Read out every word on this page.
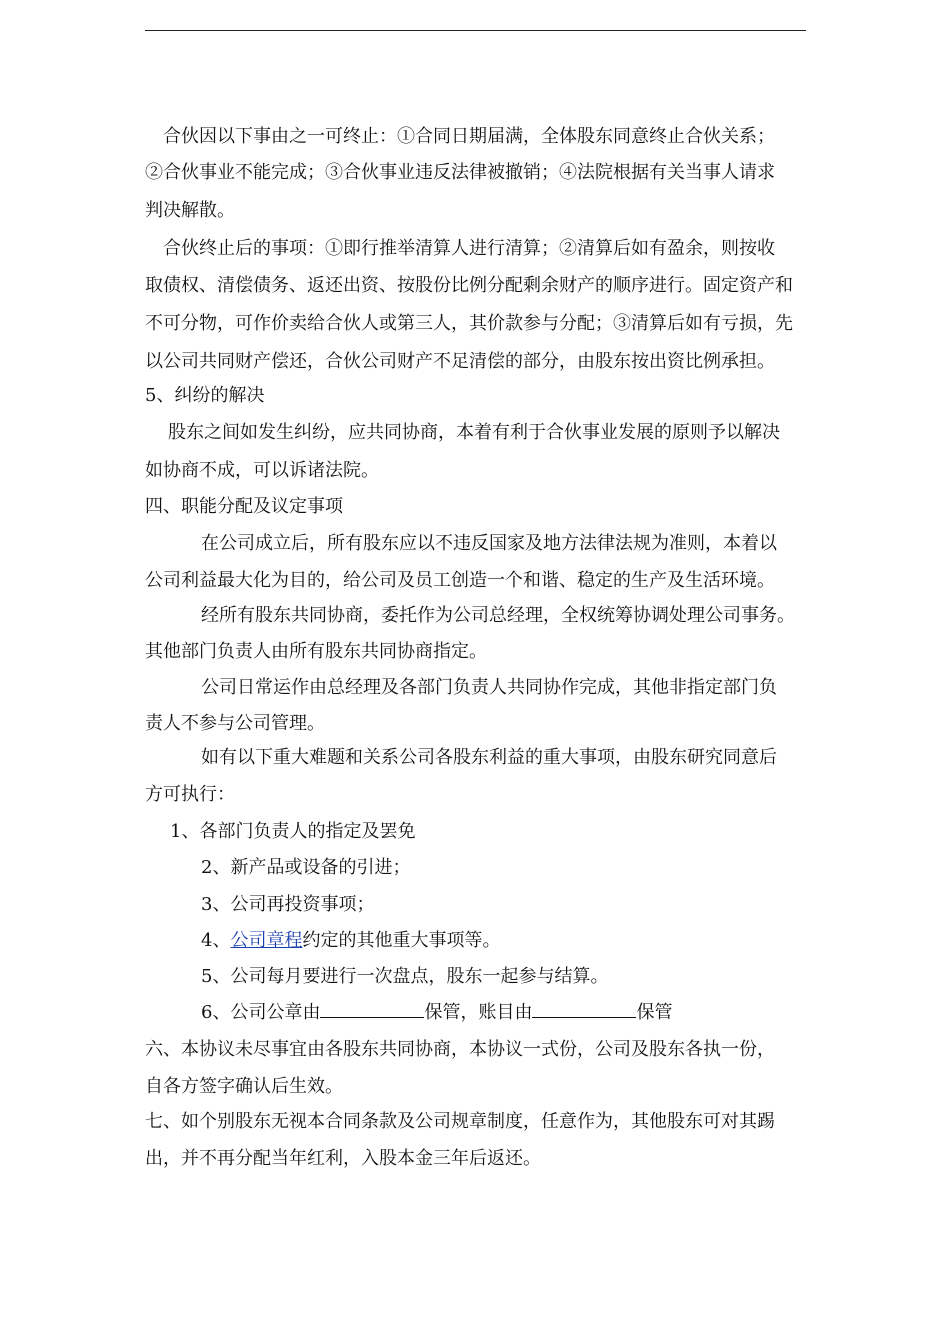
合伙因以下事由之一可终止：①合同日期届满，全体股东同意终止合伙关系；
②合伙事业不能完成；③合伙事业违反法律被撤销；④法院根据有关当事人请求
判决解散。
合伙终止后的事项：①即行推举清算人进行清算；②清算后如有盈余，则按收
取债权、清偿债务、返还出资、按股份比例分配剩余财产的顺序进行。固定资产和
不可分物，可作价卖给合伙人或第三人，其价款参与分配；③清算后如有亏损，先
以公司共同财产偿还，合伙公司财产不足清偿的部分，由股东按出资比例承担。
5、纠纷的解决
股东之间如发生纠纷，应共同协商，本着有利于合伙事业发展的原则予以解决
如协商不成，可以诉诸法院。
四、职能分配及议定事项
在公司成立后，所有股东应以不违反国家及地方法律法规为准则，本着以
公司利益最大化为目的，给公司及员工创造一个和谐、稳定的生产及生活环境。
经所有股东共同协商，委托作为公司总经理，全权统筹协调处理公司事务。
其他部门负责人由所有股东共同协商指定。
公司日常运作由总经理及各部门负责人共同协作完成，其他非指定部门负
责人不参与公司管理。
如有以下重大难题和关系公司各股东利益的重大事项，由股东研究同意后
方可执行：
1、各部门负责人的指定及罢免
2、新产品或设备的引进；
3、公司再投资事项；
4、公司章程约定的其他重大事项等。
5、公司每月要进行一次盘点，股东一起参与结算。
6、公司公章由	保管，账目由	保管
六、本协议未尽事宜由各股东共同协商，本协议一式份，公司及股东各执一份，
自各方签字确认后生效。
七、如个别股东无视本合同条款及公司规章制度，任意作为，其他股东可对其踢
出，并不再分配当年红利，入股本金三年后返还。
